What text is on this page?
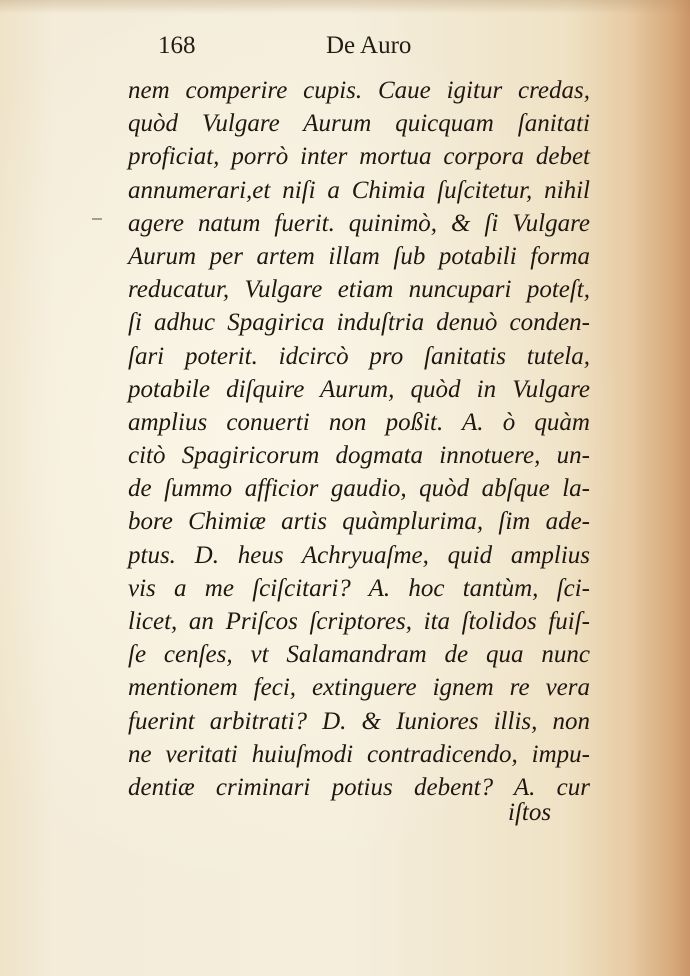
168	De Auro
nem comperire cupis. Caue igitur credas,
quòd Vulgare Aurum quicquam ſanitati
proficiat, porrò inter mortua corpora debet
annumerari,et niſi a Chimia ſuſcitetur, nihil
agere natum fuerit. quinimò, & ſi Vulgare
Aurum per artem illam ſub potabili forma
reducatur, Vulgare etiam nuncupari poteſt,
ſi adhuc Spagirica induſtria denuò conden-
ſari poterit. idcircò pro ſanitatis tutela,
potabile diſquire Aurum, quòd in Vulgare
amplius conuerti non poßit. A. ò quàm
citò Spagiricorum dogmata innotuere, un-
de ſummo afficior gaudio, quòd abſque la-
bore Chimiæ artis quàmplurima, ſim ade-
ptus. D. heus Achryuaſme, quid amplius
vis a me ſciſcitari? A. hoc tantùm, ſci-
licet, an Priſcos ſcriptores, ita ſtolidos fuiſ-
ſe cenſes, vt Salamandram de qua nunc
mentionem feci, extinguere ignem re vera
fuerint arbitrati? D. & Iuniores illis, non
ne veritati huiuſmodi contradicendo, impu-
dentiæ criminari potius debent? A. cur
iſtos
